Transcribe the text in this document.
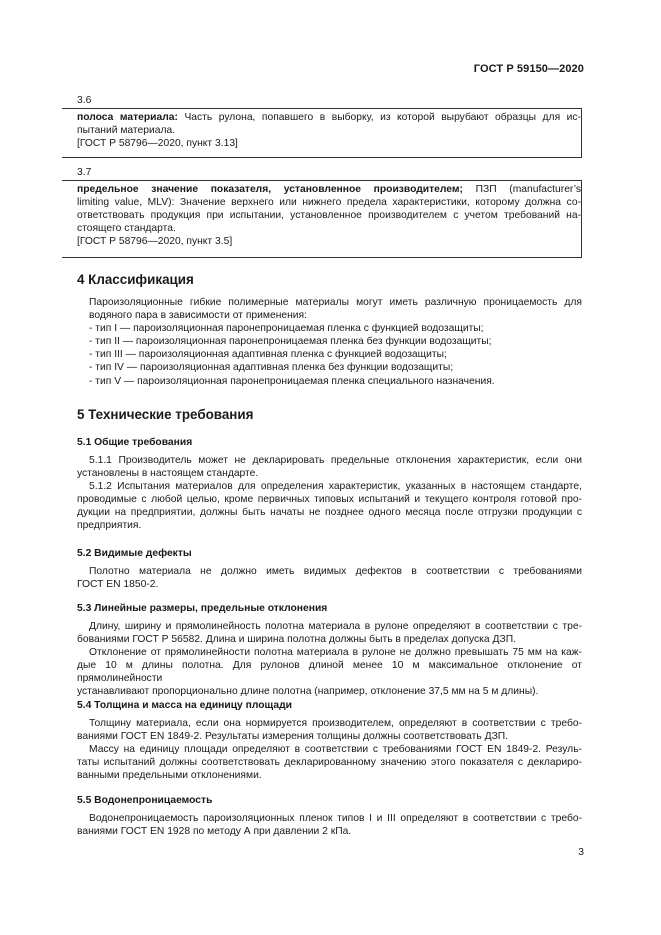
ГОСТ Р 59150—2020
3.6

полоса материала: Часть рулона, попавшего в выборку, из которой вырубают образцы для ис-

пытаний материала.

[ГОСТ Р 58796—2020, пункт 3.13]

3.7

предельное значение показателя, установленное производителем; ПЗП (manufacturer’s

limiting value, MLV): Значение верхнего или нижнего предела характеристики, которому должна со-

ответствовать продукция при испытании, установленное производителем с учетом требований на-

стоящего стандарта.

[ГОСТ Р 58796—2020, пункт 3.5]

4 Классификация
Пароизоляционные гибкие полимерные материалы могут иметь различную проницаемость для
водяного пара в зависимости от применения:
- тип I — пароизоляционная паронепроницаемая пленка с функцией водозащиты;
- тип II — пароизоляционная паронепроницаемая пленка без функции водозащиты;
- тип III — пароизоляционная адаптивная пленка с функцией водозащиты;
- тип IV — пароизоляционная адаптивная пленка без функции водозащиты;
- тип V — пароизоляционная паронепроницаемая пленка специального назначения.
5 Технические требования
5.1 Общие требования
5.1.1 Производитель может не декларировать предельные отклонения характеристик, если они
установлены в настоящем стандарте.
5.1.2 Испытания материалов для определения характеристик, указанных в настоящем стандарте,
проводимые с любой целью, кроме первичных типовых испытаний и текущего контроля готовой про-
дукции на предприятии, должны быть начаты не позднее одного месяца после отгрузки продукции с
предприятия.
5.2 Видимые дефекты
Полотно материала не должно иметь видимых дефектов в соответствии с требованиями
ГОСТ EN 1850-2.
5.3 Линейные размеры, предельные отклонения
Длину, ширину и прямолинейность полотна материала в рулоне определяют в соответствии с тре-
бованиями ГОСТ Р 56582. Длина и ширина полотна должны быть в пределах допуска ДЗП.
Отклонение от прямолинейности полотна материала в рулоне не должно превышать 75 мм на каж-
дые 10 м длины полотна. Для рулонов длиной менее 10 м максимальное отклонение от прямолинейности
устанавливают пропорционально длине полотна (например, отклонение 37,5 мм на 5 м длины).
5.4 Толщина и масса на единицу площади
Толщину материала, если она нормируется производителем, определяют в соответствии с требо-
ваниями ГОСТ EN 1849-2. Результаты измерения толщины должны соответствовать ДЗП.
Массу на единицу площади определяют в соответствии с требованиями ГОСТ EN 1849-2. Резуль-
таты испытаний должны соответствовать декларированному значению этого показателя с деклариро-
ванными предельными отклонениями.
5.5 Водонепроницаемость
Водонепроницаемость пароизоляционных пленок типов I и III определяют в соответствии с требо-
ваниями ГОСТ EN 1928 по методу А при давлении 2 кПа.
3
